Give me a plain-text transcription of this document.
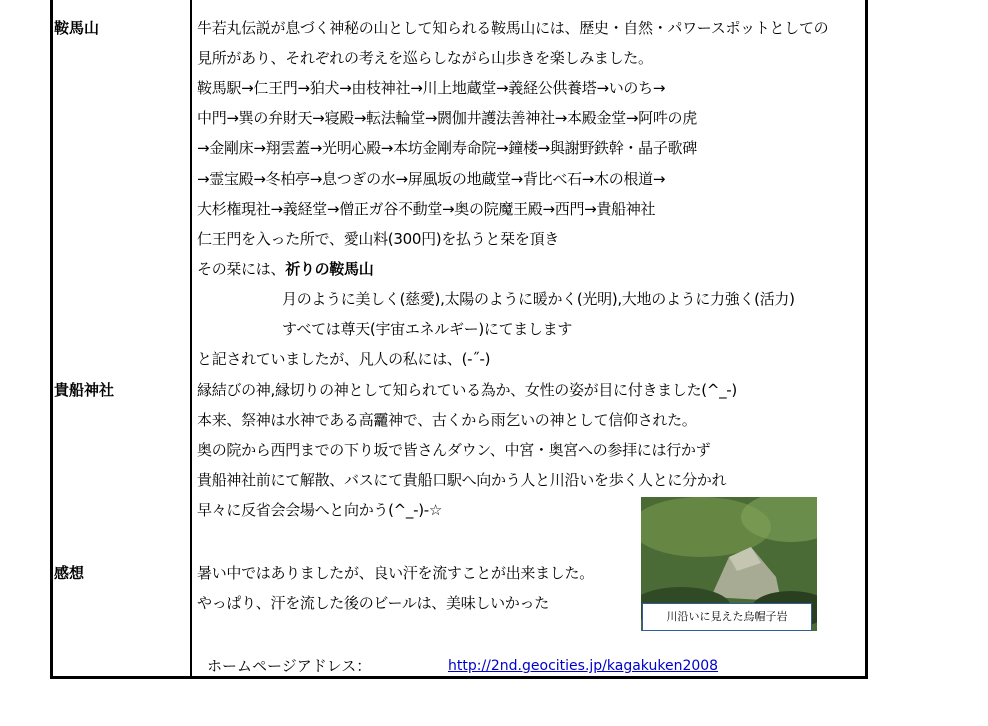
鞍馬山
貴船神社
感想
牛若丸伝説が息づく神秘の山として知られる鞍馬山には、歴史・自然・パワースポットとしての
見所があり、それぞれの考えを巡らしながら山歩きを楽しみました。
鞍馬駅→仁王門→狛犬→由枝神社→川上地蔵堂→義経公供養塔→いのち→
中門→巽の弁財天→寝殿→転法輪堂→閼伽井護法善神社→本殿金堂→阿吽の虎
→金剛床→翔雲蓋→光明心殿→本坊金剛寿命院→鐘楼→與謝野鉄幹・晶子歌碑
→霊宝殿→冬柏亭→息つぎの水→屏風坂の地蔵堂→背比べ石→木の根道→
大杉権現社→義経堂→僧正ガ谷不動堂→奥の院魔王殿→西門→貴船神社
仁王門を入った所で、愛山料(300円)を払うと栞を頂き
その栞には、祈りの鞍馬山
月のように美しく(慈愛),太陽のように暖かく(光明),大地のように力強く(活力)
すべては尊天(宇宙エネルギー)にてまします
と記されていましたが、凡人の私には、(-˝-)
縁結びの神,縁切りの神として知られている為か、女性の姿が目に付きました(^_-)
本来、祭神は水神である高龗神で、古くから雨乞いの神として信仰された。
奥の院から西門までの下り坂で皆さんダウン、中宮・奥宮への参拝には行かず
貴船神社前にて解散、バスにて貴船口駅へ向かう人と川沿いを歩く人とに分かれ
早々に反省会会場へと向かう(^_-)-☆
暑い中ではありましたが、良い汗を流すことが出来ました。
やっぱり、汗を流した後のビールは、美味しいかった
川沿いに見えた烏帽子岩
ホームページアドレス：	http://2nd.geocities.jp/kagakuken2008
